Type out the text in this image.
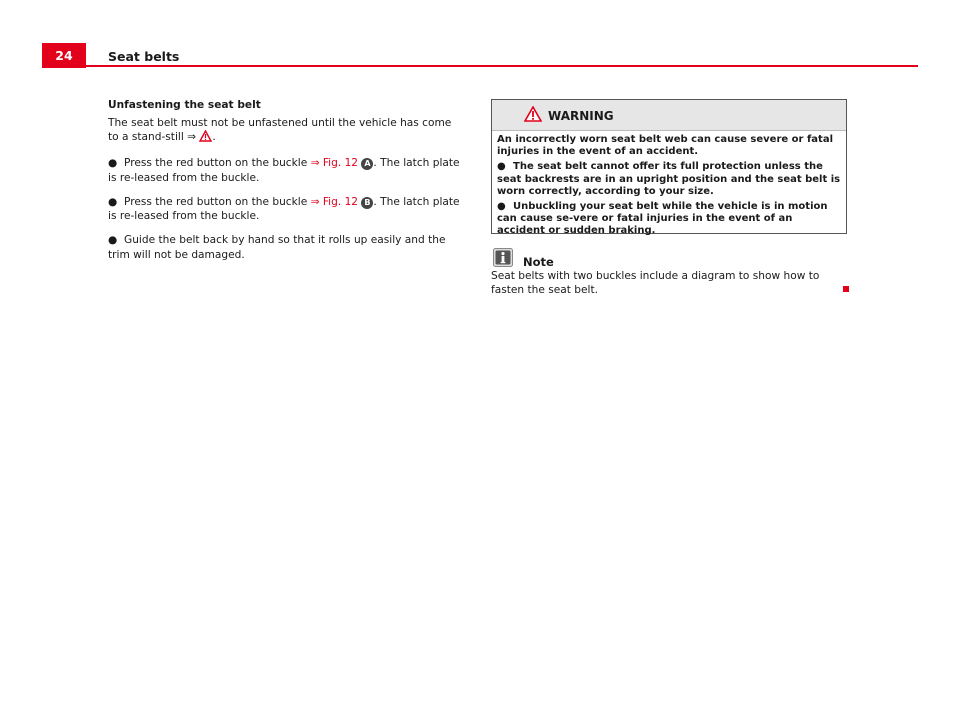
24	Seat belts

Unfastening the seat belt

The seat belt must not be unfastened until the vehicle has come to a stand-still ⇒ .

● Press the red button on the buckle ⇒ Fig. 12 A . The latch plate is re-leased from the buckle.

● Press the red button on the buckle ⇒ Fig. 12 B . The latch plate is re-leased from the buckle.

● Guide the belt back by hand so that it rolls up easily and the trim will not be damaged.

WARNING

An incorrectly worn seat belt web can cause severe or fatal injuries in the event of an accident.

● The seat belt cannot offer its full protection unless the seat backrests are in an upright position and the seat belt is worn correctly, according to your size.

● Unbuckling your seat belt while the vehicle is in motion can cause se-vere or fatal injuries in the event of an accident or sudden braking.

Note
Seat belts with two buckles include a diagram to show how to fasten the seat belt.
